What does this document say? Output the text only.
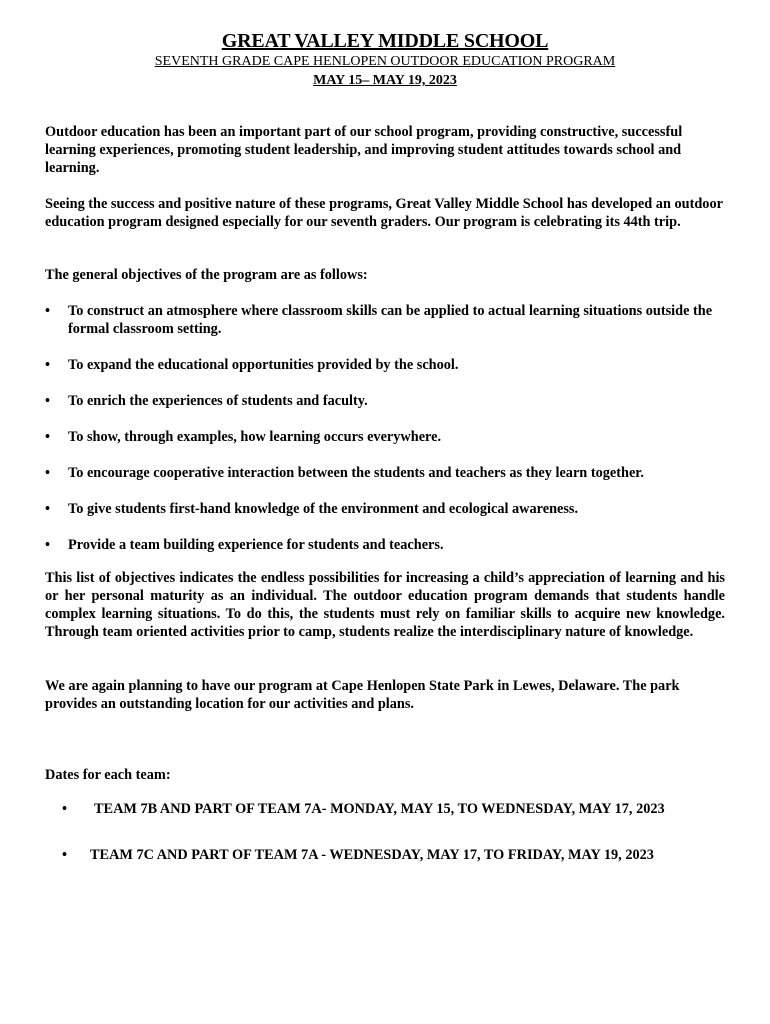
GREAT VALLEY MIDDLE SCHOOL
SEVENTH GRADE CAPE HENLOPEN OUTDOOR EDUCATION PROGRAM
MAY 15– MAY 19, 2023
Outdoor education has been an important part of our school program, providing constructive, successful learning experiences, promoting student leadership, and improving student attitudes towards school and learning.
Seeing the success and positive nature of these programs, Great Valley Middle School has developed an outdoor education program designed especially for our seventh graders. Our program is celebrating its 44th trip.
The general objectives of the program are as follows:
• To construct an atmosphere where classroom skills can be applied to actual learning situations outside the formal classroom setting.
• To expand the educational opportunities provided by the school.
• To enrich the experiences of students and faculty.
• To show, through examples, how learning occurs everywhere.
• To encourage cooperative interaction between the students and teachers as they learn together.
• To give students first-hand knowledge of the environment and ecological awareness.
• Provide a team building experience for students and teachers.
This list of objectives indicates the endless possibilities for increasing a child’s appreciation of learning and his or her personal maturity as an individual. The outdoor education program demands that students handle complex learning situations. To do this, the students must rely on familiar skills to acquire new knowledge. Through team oriented activities prior to camp, students realize the interdisciplinary nature of knowledge.
We are again planning to have our program at Cape Henlopen State Park in Lewes, Delaware. The park provides an outstanding location for our activities and plans.
Dates for each team:
• TEAM 7B AND PART OF TEAM 7A- MONDAY, MAY 15, TO WEDNESDAY, MAY 17, 2023
• TEAM 7C AND PART OF TEAM 7A - WEDNESDAY, MAY 17, TO FRIDAY, MAY 19, 2023
